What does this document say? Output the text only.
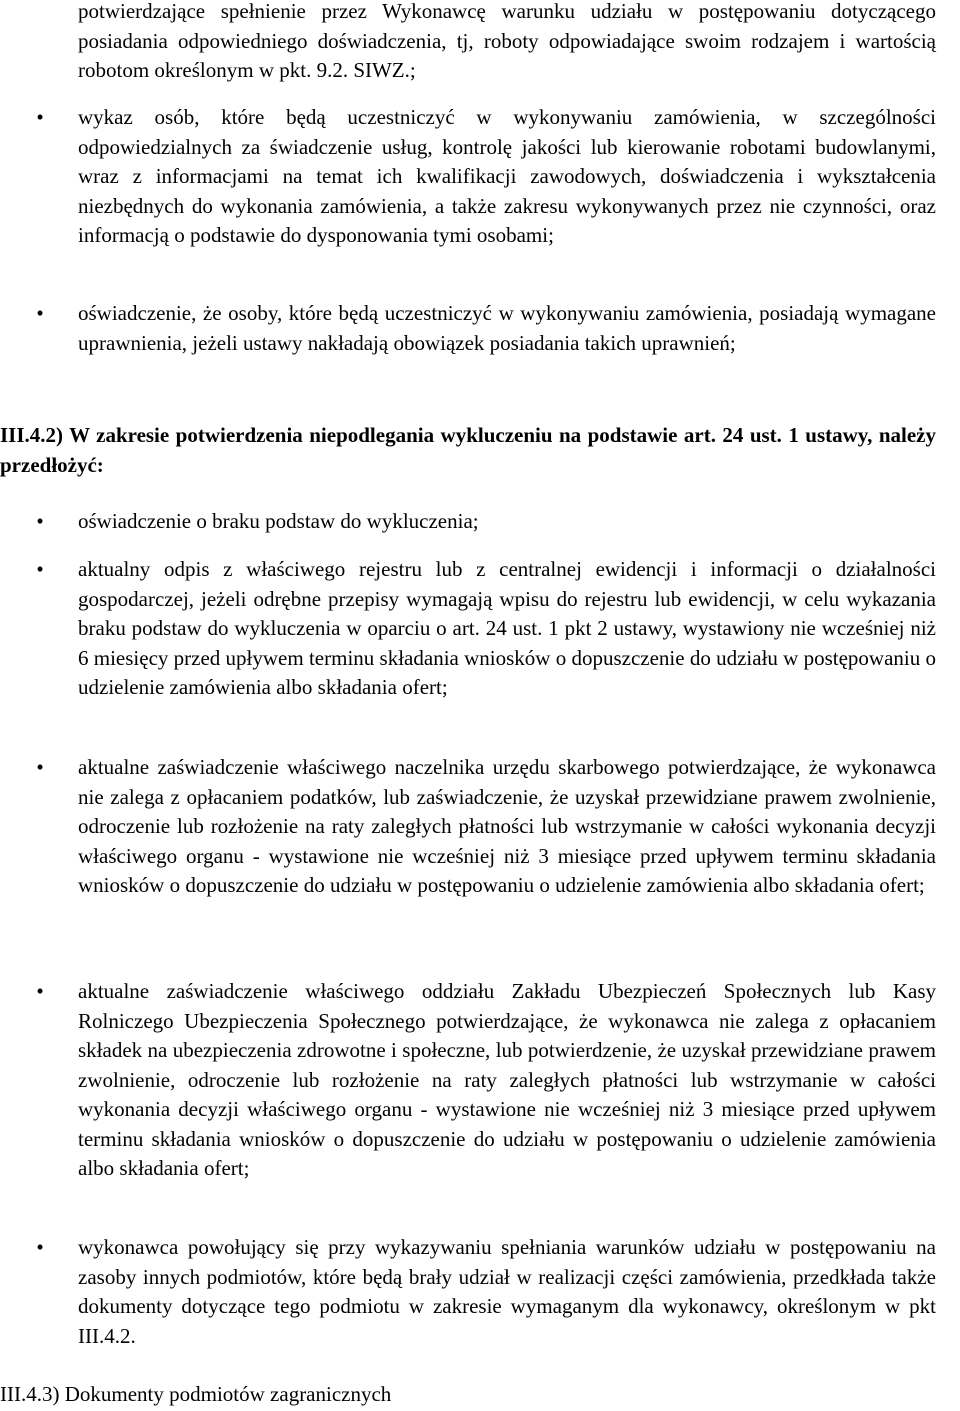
potwierdzające spełnienie przez Wykonawcę warunku udziału w postępowaniu dotyczącego posiadania odpowiedniego doświadczenia, tj, roboty odpowiadające swoim rodzajem i wartością robotom określonym w pkt. 9.2. SIWZ.;
•	wykaz osób, które będą uczestniczyć w wykonywaniu zamówienia, w szczególności odpowiedzialnych za świadczenie usług, kontrolę jakości lub kierowanie robotami budowlanymi, wraz z informacjami na temat ich kwalifikacji zawodowych, doświadczenia i wykształcenia niezbędnych do wykonania zamówienia, a także zakresu wykonywanych przez nie czynności, oraz informacją o podstawie do dysponowania tymi osobami;
•	oświadczenie, że osoby, które będą uczestniczyć w wykonywaniu zamówienia, posiadają wymagane uprawnienia, jeżeli ustawy nakładają obowiązek posiadania takich uprawnień;
III.4.2) W zakresie potwierdzenia niepodlegania wykluczeniu na podstawie art. 24 ust. 1 ustawy, należy przedłożyć:
•	oświadczenie o braku podstaw do wykluczenia;
•	aktualny odpis z właściwego rejestru lub z centralnej ewidencji i informacji o działalności gospodarczej, jeżeli odrębne przepisy wymagają wpisu do rejestru lub ewidencji, w celu wykazania braku podstaw do wykluczenia w oparciu o art. 24 ust. 1 pkt 2 ustawy, wystawiony nie wcześniej niż 6 miesięcy przed upływem terminu składania wniosków o dopuszczenie do udziału w postępowaniu o udzielenie zamówienia albo składania ofert;
•	aktualne zaświadczenie właściwego naczelnika urzędu skarbowego potwierdzające, że wykonawca nie zalega z opłacaniem podatków, lub zaświadczenie, że uzyskał przewidziane prawem zwolnienie, odroczenie lub rozłożenie na raty zaległych płatności lub wstrzymanie w całości wykonania decyzji właściwego organu - wystawione nie wcześniej niż 3 miesiące przed upływem terminu składania wniosków o dopuszczenie do udziału w postępowaniu o udzielenie zamówienia albo składania ofert;
•	aktualne zaświadczenie właściwego oddziału Zakładu Ubezpieczeń Społecznych lub Kasy Rolniczego Ubezpieczenia Społecznego potwierdzające, że wykonawca nie zalega z opłacaniem składek na ubezpieczenia zdrowotne i społeczne, lub potwierdzenie, że uzyskał przewidziane prawem zwolnienie, odroczenie lub rozłożenie na raty zaległych płatności lub wstrzymanie w całości wykonania decyzji właściwego organu - wystawione nie wcześniej niż 3 miesiące przed upływem terminu składania wniosków o dopuszczenie do udziału w postępowaniu o udzielenie zamówienia albo składania ofert;
•	wykonawca powołujący się przy wykazywaniu spełniania warunków udziału w postępowaniu na zasoby innych podmiotów, które będą brały udział w realizacji części zamówienia, przedkłada także dokumenty dotyczące tego podmiotu w zakresie wymaganym dla wykonawcy, określonym w pkt III.4.2.
III.4.3) Dokumenty podmiotów zagranicznych
